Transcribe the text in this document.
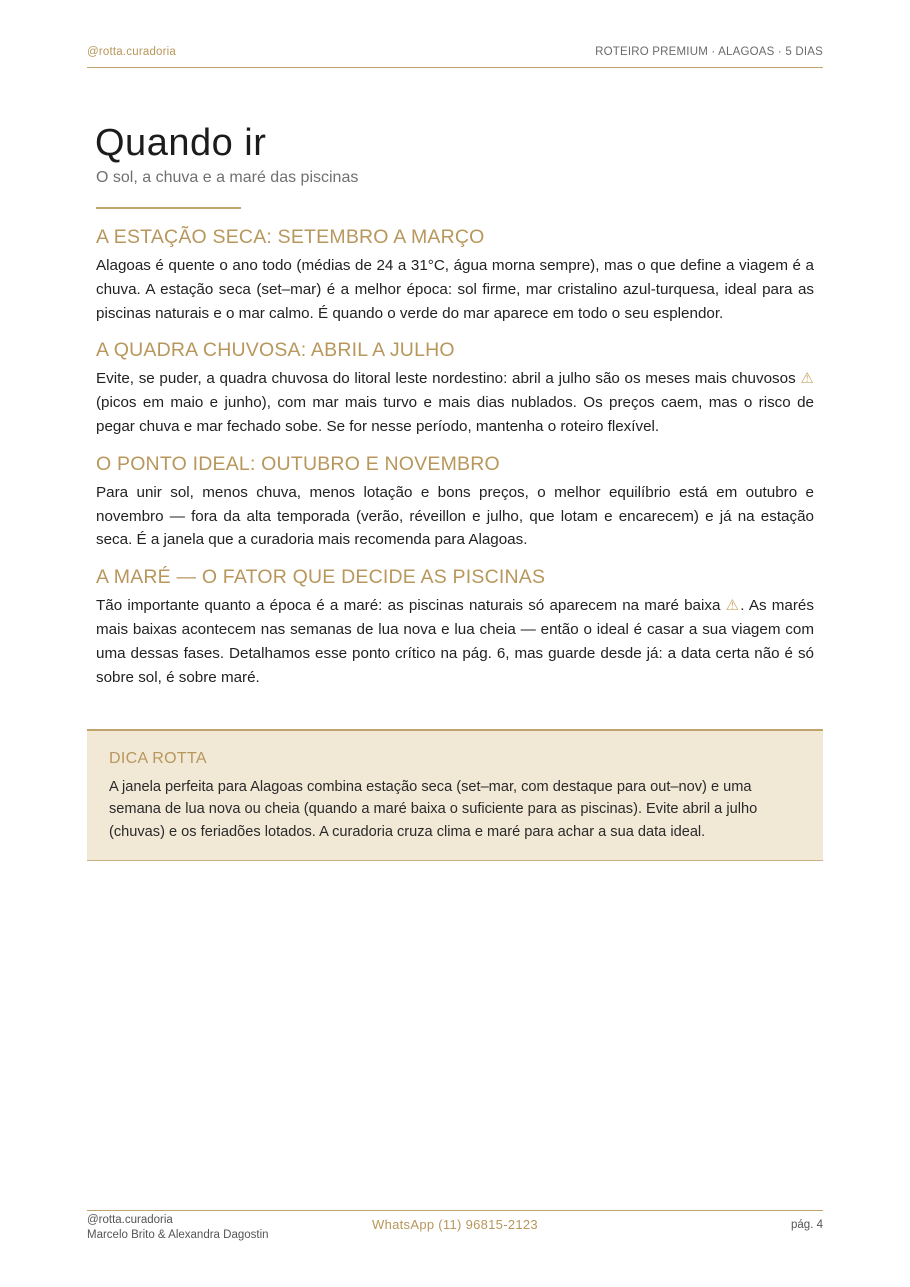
@rotta.curadoria	ROTEIRO PREMIUM · ALAGOAS · 5 DIAS
Quando ir
O sol, a chuva e a maré das piscinas
A ESTAÇÃO SECA: SETEMBRO A MARÇO

Alagoas é quente o ano todo (médias de 24 a 31°C, água morna sempre), mas o que define a viagem é a chuva. A estação seca (set–mar) é a melhor época: sol firme, mar cristalino azul-turquesa, ideal para as piscinas naturais e o mar calmo. É quando o verde do mar aparece em todo o seu esplendor.

A QUADRA CHUVOSA: ABRIL A JULHO

Evite, se puder, a quadra chuvosa do litoral leste nordestino: abril a julho são os meses mais chuvosos ⚠ (picos em maio e junho), com mar mais turvo e mais dias nublados. Os preços caem, mas o risco de pegar chuva e mar fechado sobe. Se for nesse período, mantenha o roteiro flexível.

O PONTO IDEAL: OUTUBRO E NOVEMBRO

Para unir sol, menos chuva, menos lotação e bons preços, o melhor equilíbrio está em outubro e novembro — fora da alta temporada (verão, réveillon e julho, que lotam e encarecem) e já na estação seca. É a janela que a curadoria mais recomenda para Alagoas.

A MARÉ — O FATOR QUE DECIDE AS PISCINAS

Tão importante quanto a época é a maré: as piscinas naturais só aparecem na maré baixa ⚠. As marés mais baixas acontecem nas semanas de lua nova e lua cheia — então o ideal é casar a sua viagem com uma dessas fases. Detalhamos esse ponto crítico na pág. 6, mas guarde desde já: a data certa não é só sobre sol, é sobre maré.

DICA ROTTA
A janela perfeita para Alagoas combina estação seca (set–mar, com destaque para out–nov) e uma semana de lua nova ou cheia (quando a maré baixa o suficiente para as piscinas). Evite abril a julho (chuvas) e os feriadões lotados. A curadoria cruza clima e maré para achar a sua data ideal.
@rotta.curadoria
Marcelo Brito & Alexandra Dagostin
WhatsApp (11) 96815-2123	pág. 4
